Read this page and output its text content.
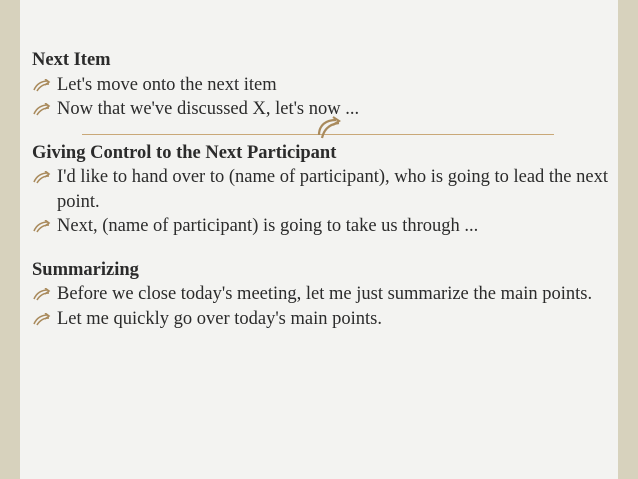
Next Item
Let's move onto the next item
Now that we've discussed X, let's now ...
Giving Control to the Next Participant
I'd like to hand over to (name of participant), who is going to lead the next point.
Next, (name of participant) is going to take us through ...
Summarizing
Before we close today's meeting, let me just summarize the main points.
Let me quickly go over today's main points.
